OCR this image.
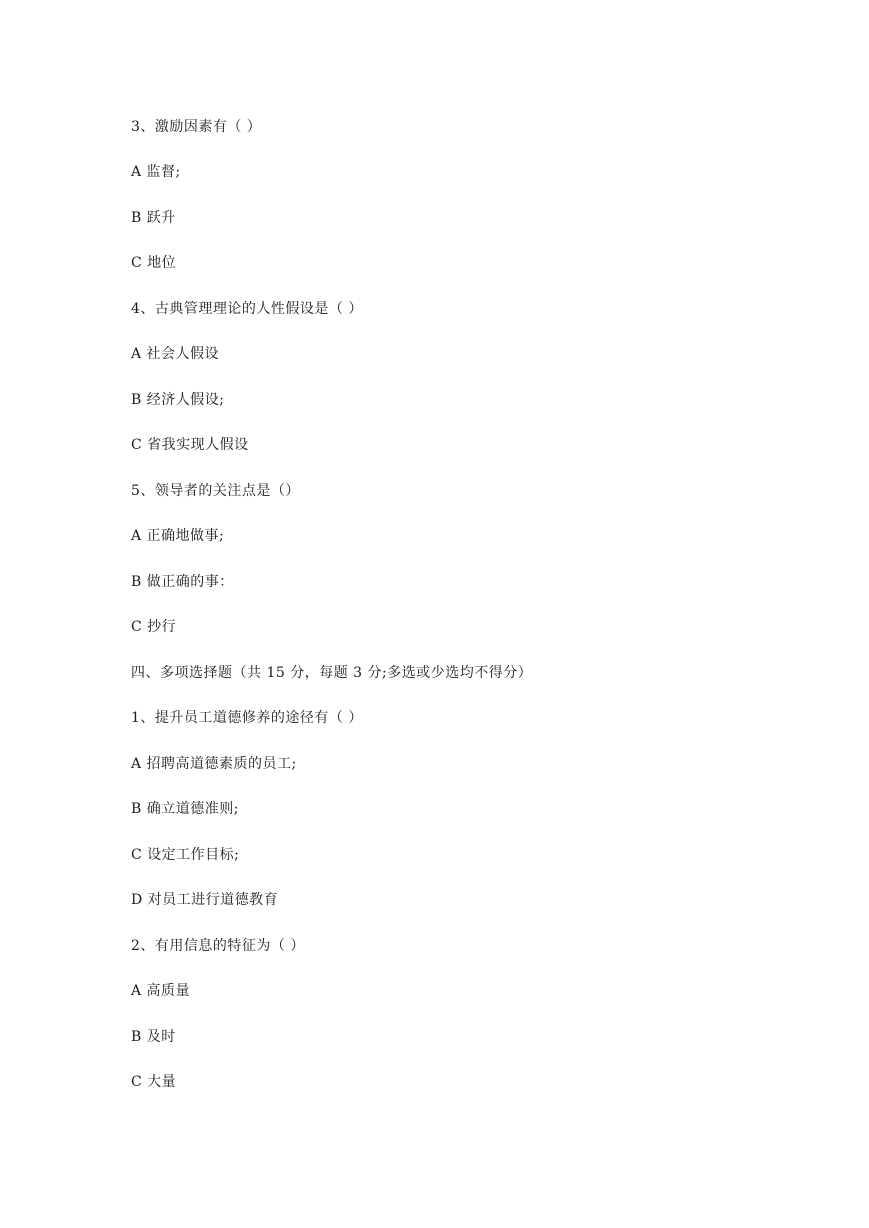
3、激励因素有（ ）
A 监督;
B 跃升
C 地位
4、古典管理理论的人性假设是（ ）
A 社会人假设
B 经济人假设;
C 省我实现人假设
5、领导者的关注点是（）
A 正确地做事;
B 做正确的事：
C 抄行
四、多项选择题（共 15 分，每题 3 分;多选或少选均不得分）
1、提升员工道德修养的途径有（ ）
A 招聘高道德素质的员工;
B 确立道德准则;
C 设定工作目标;
D 对员工进行道德教育
2、有用信息的特征为（ ）
A 高质量
B 及时
C 大量
